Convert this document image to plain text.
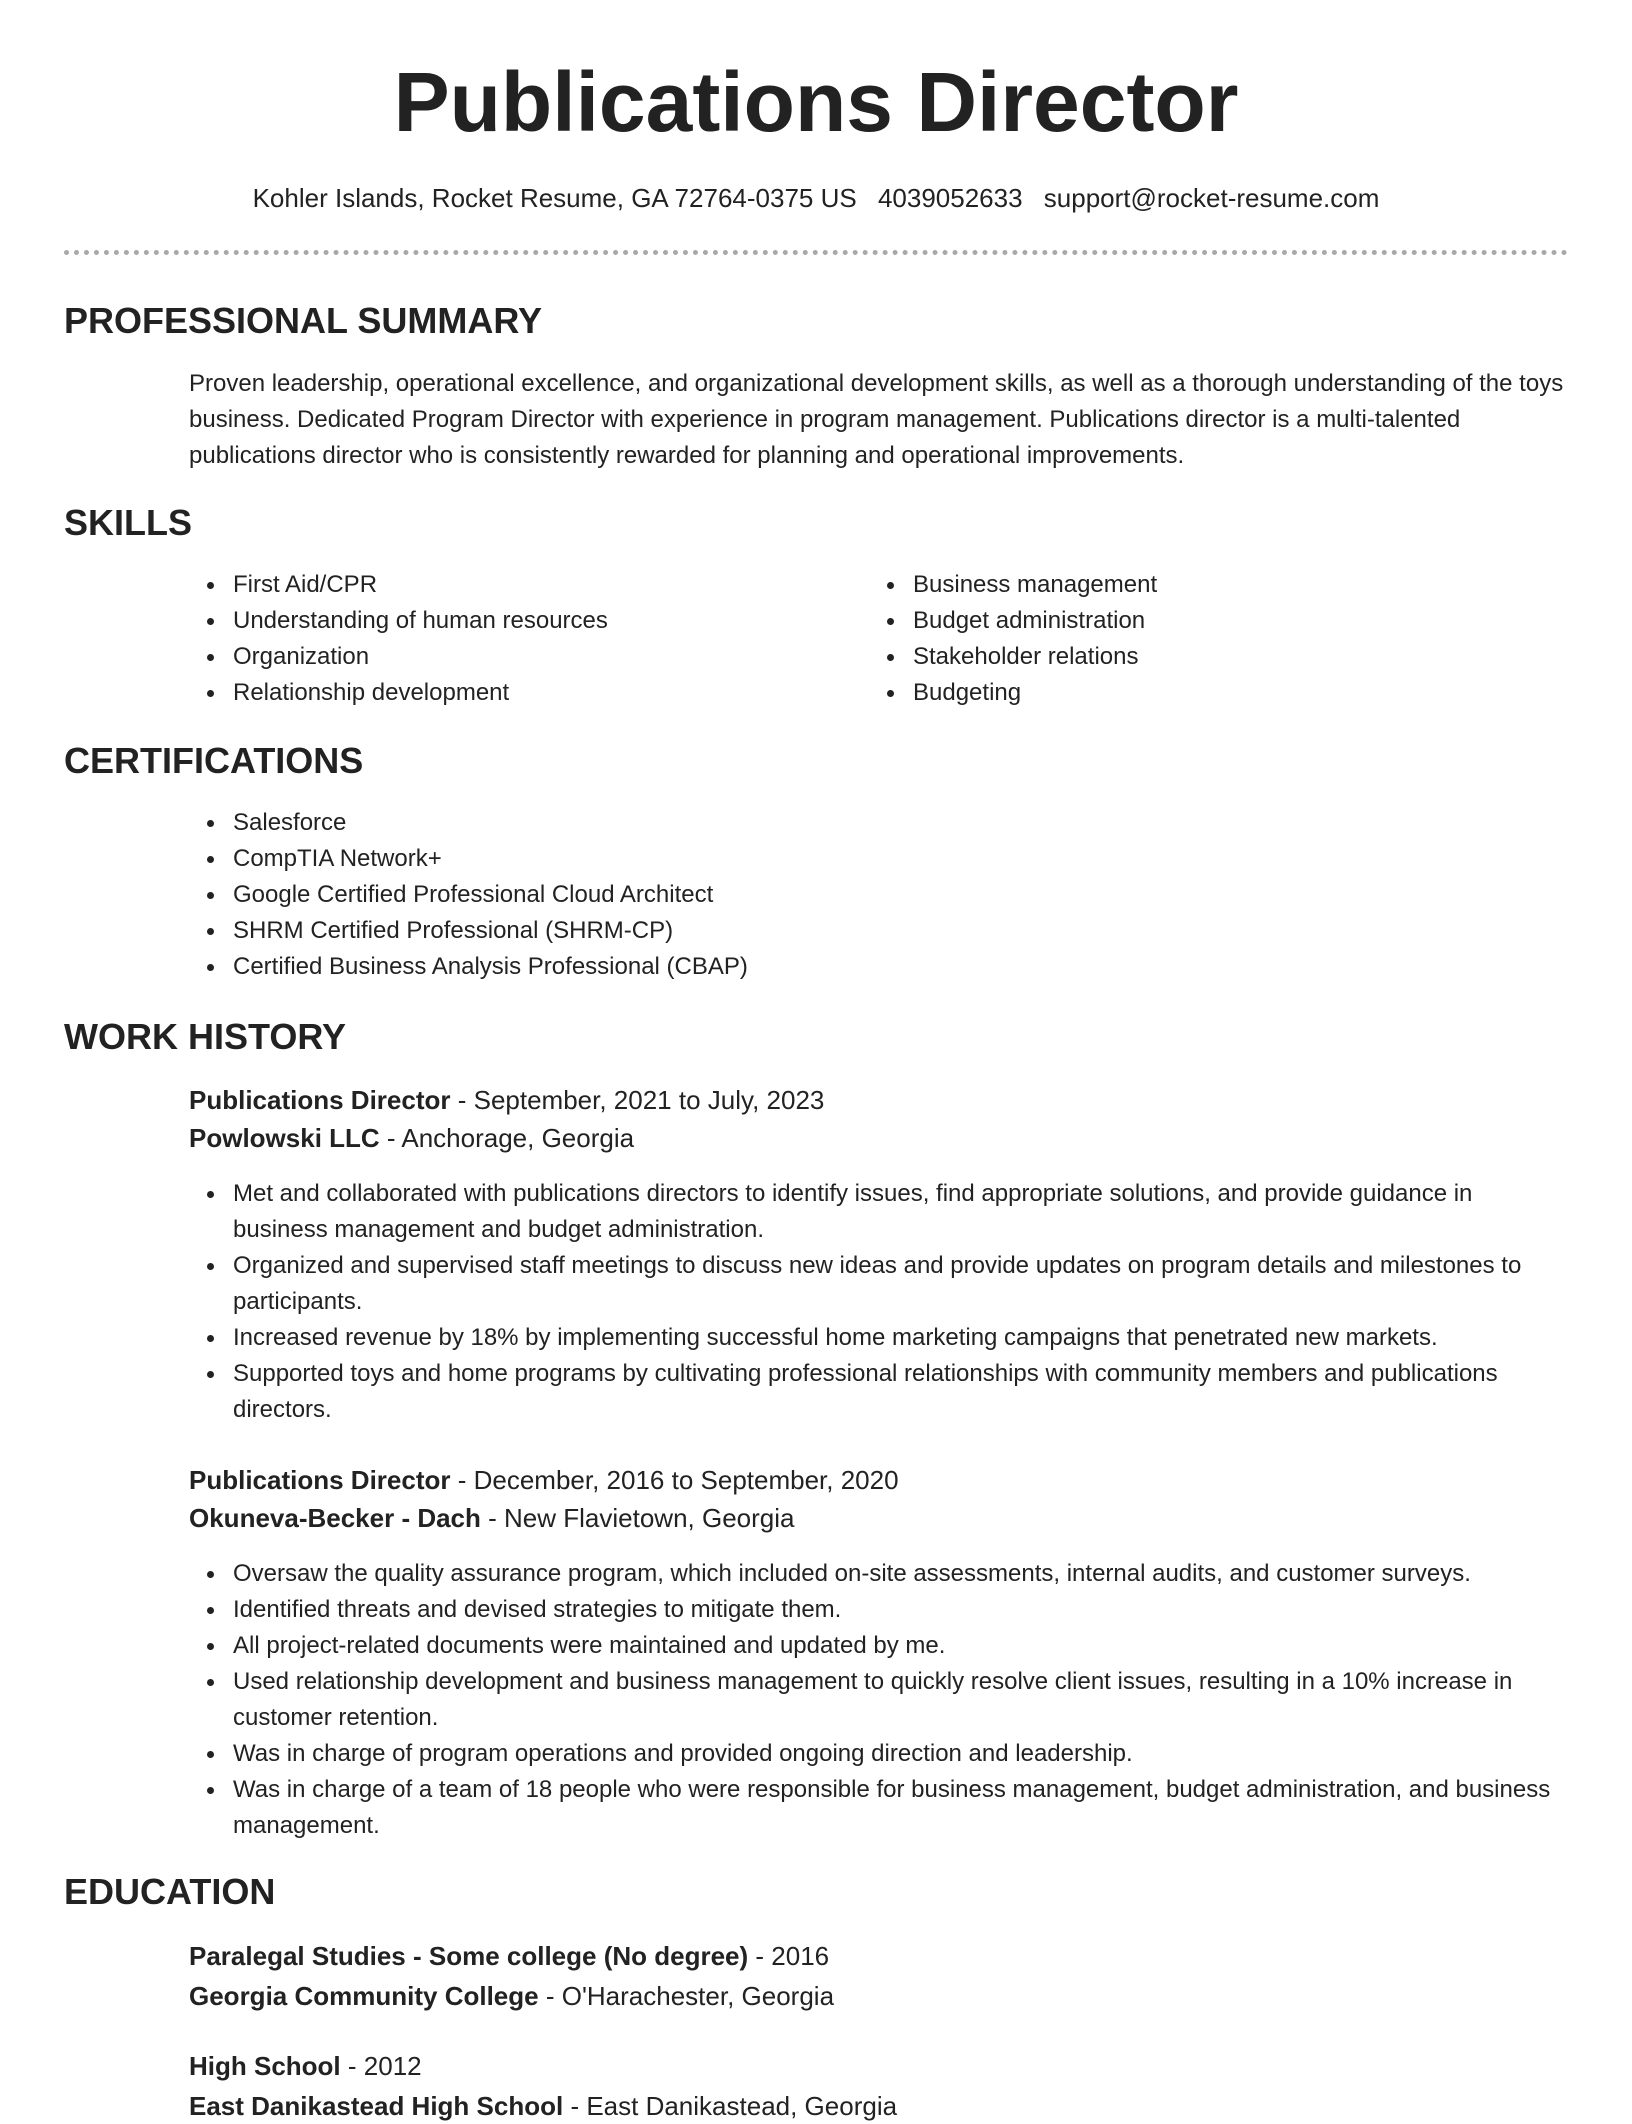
Publications Director
Kohler Islands, Rocket Resume, GA 72764-0375 US 4039052633 support@rocket-resume.com
PROFESSIONAL SUMMARY

Proven leadership, operational excellence, and organizational development skills, as well as a thorough understanding of the toys business. Dedicated Program Director with experience in program management. Publications director is a multi-talented publications director who is consistently rewarded for planning and operational improvements.

SKILLS
First Aid/CPR
Understanding of human resources
Organization
Relationship development
Business management
Budget administration
Stakeholder relations
Budgeting
CERTIFICATIONS
Salesforce
CompTIA Network+
Google Certified Professional Cloud Architect
SHRM Certified Professional (SHRM-CP)
Certified Business Analysis Professional (CBAP)
WORK HISTORY
Publications Director - September, 2021 to July, 2023
Powlowski LLC - Anchorage, Georgia
Met and collaborated with publications directors to identify issues, find appropriate solutions, and provide guidance in business management and budget administration.
Organized and supervised staff meetings to discuss new ideas and provide updates on program details and milestones to participants.
Increased revenue by 18% by implementing successful home marketing campaigns that penetrated new markets.
Supported toys and home programs by cultivating professional relationships with community members and publications directors.
Publications Director - December, 2016 to September, 2020
Okuneva-Becker - Dach - New Flavietown, Georgia
Oversaw the quality assurance program, which included on-site assessments, internal audits, and customer surveys.
Identified threats and devised strategies to mitigate them.
All project-related documents were maintained and updated by me.
Used relationship development and business management to quickly resolve client issues, resulting in a 10% increase in customer retention.
Was in charge of program operations and provided ongoing direction and leadership.
Was in charge of a team of 18 people who were responsible for business management, budget administration, and business management.
EDUCATION
Paralegal Studies - Some college (No degree) - 2016
Georgia Community College - O'Harachester, Georgia
High School - 2012
East Danikastead High School - East Danikastead, Georgia
